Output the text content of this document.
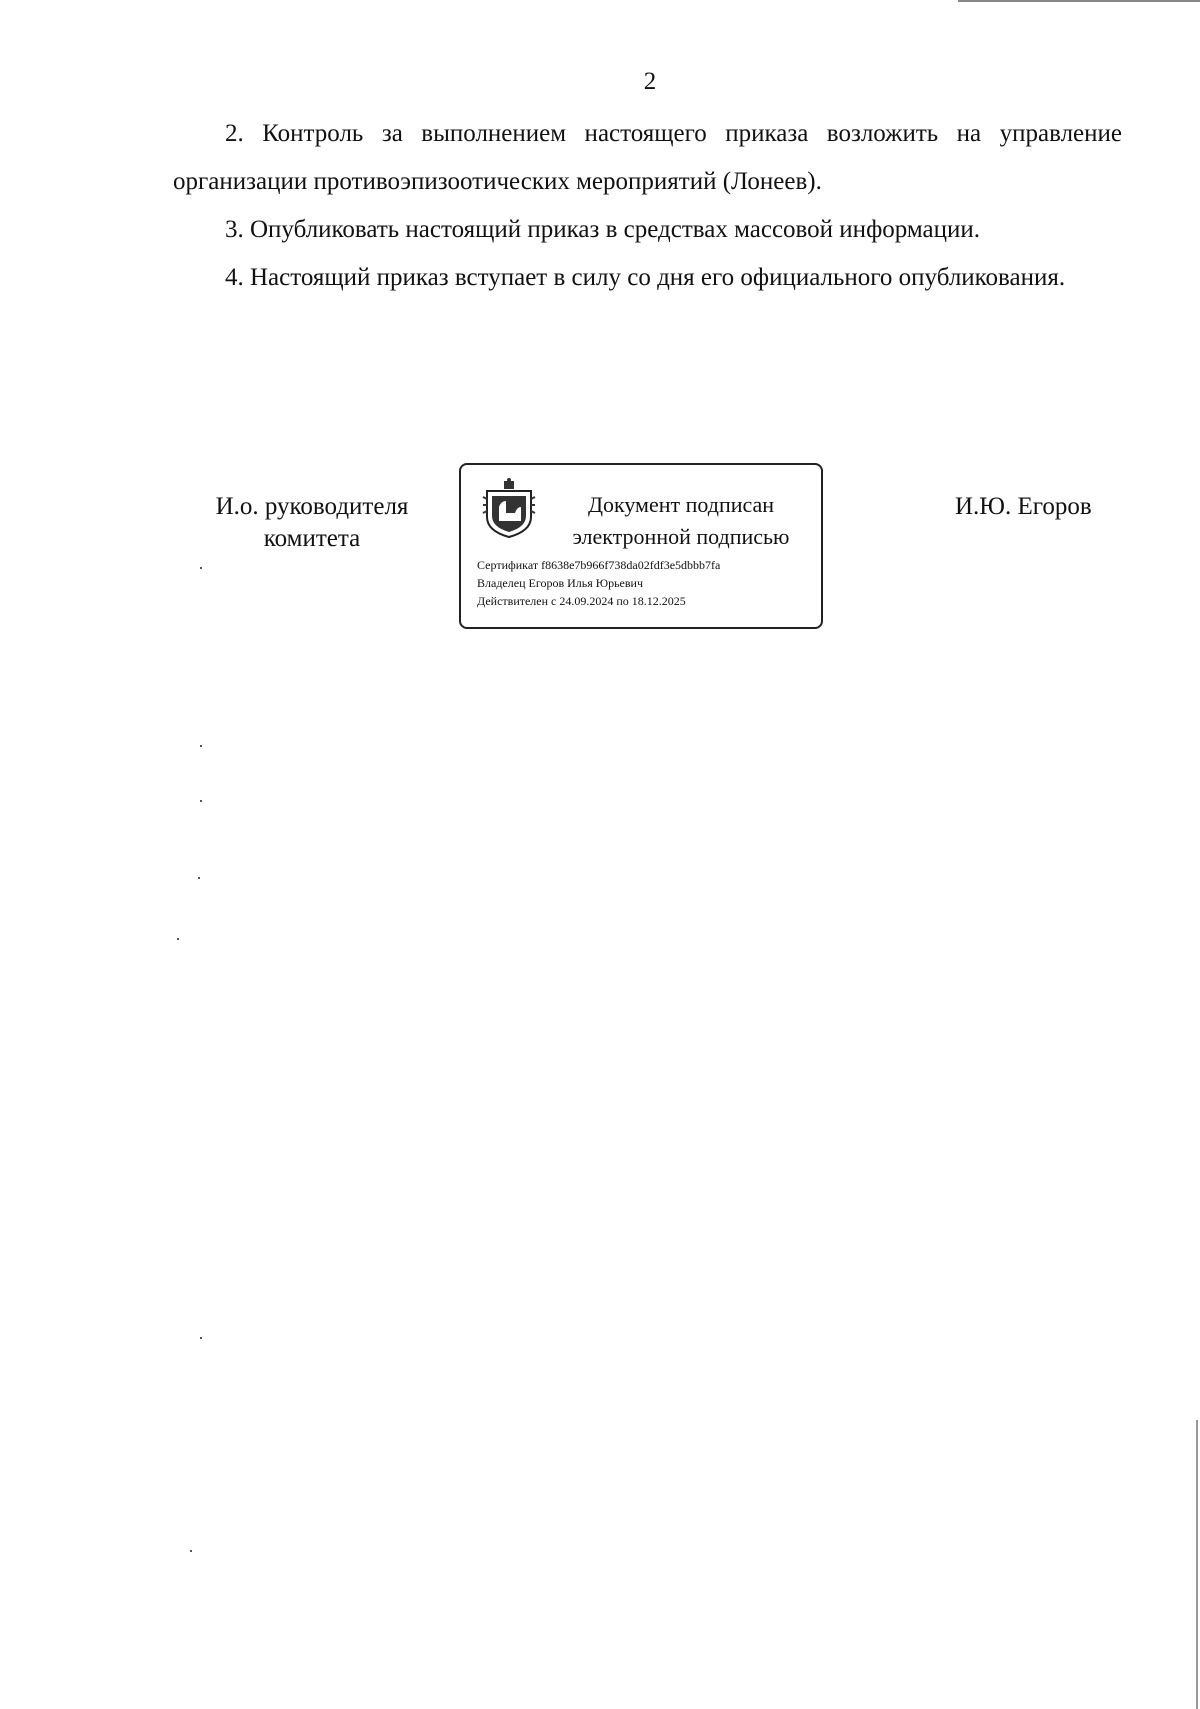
2

2. Контроль за выполнением настоящего приказа возложить на управление организации противоэпизоотических мероприятий (Лонеев).

3. Опубликовать настоящий приказ в средствах массовой информации.

4. Настоящий приказ вступает в силу со дня его официального опубликования.

И.о. руководителя
комитета
Документ подписан
электронной подписью
Сертификат f8638e7b966f738da02fdf3e5dbbb7fa
Владелец Егоров Илья Юрьевич
Действителен с 24.09.2024 по 18.12.2025
И.Ю. Егоров
